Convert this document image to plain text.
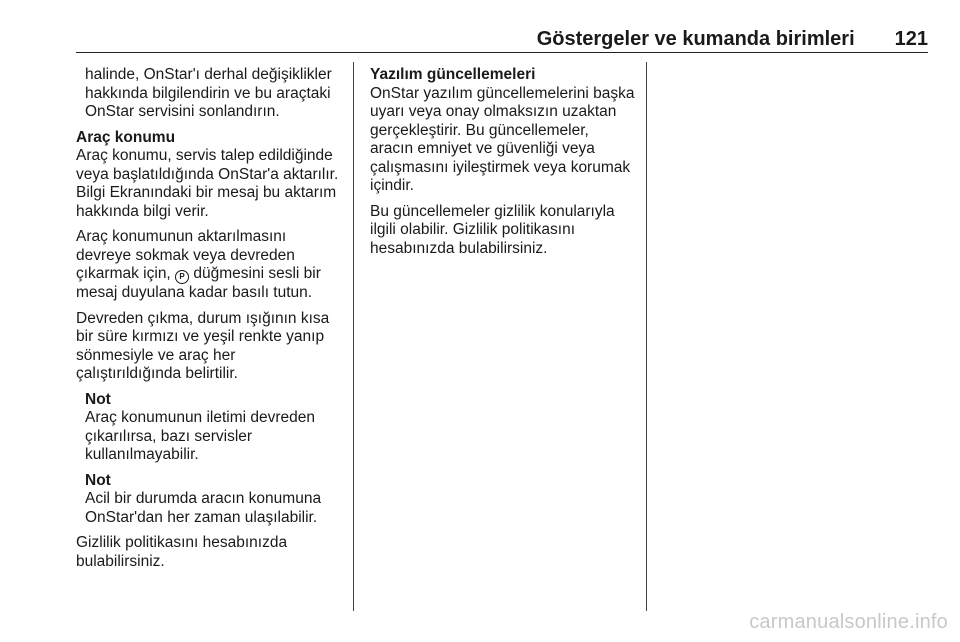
Göstergeler ve kumanda birimleri 121

halinde, OnStar'ı derhal değişiklikler hakkında bilgilendirin ve bu araçtaki OnStar servisini sonlandırın.

Araç konumu

Araç konumu, servis talep edildiğinde veya başlatıldığında OnStar'a aktarılır. Bilgi Ekranındaki bir mesaj bu aktarım hakkında bilgi verir.

Araç konumunun aktarılmasını devreye sokmak veya devreden çıkarmak için, P düğmesini sesli bir mesaj duyulana kadar basılı tutun.

Devreden çıkma, durum ışığının kısa bir süre kırmızı ve yeşil renkte yanıp sönmesiyle ve araç her çalıştırıldığında belirtilir.

Not
Araç konumunun iletimi devreden çıkarılırsa, bazı servisler kullanılmayabilir.
Not
Acil bir durumda aracın konumuna OnStar'dan her zaman ulaşılabilir.

Gizlilik politikasını hesabınızda bulabilirsiniz.

Yazılım güncellemeleri

OnStar yazılım güncellemelerini başka uyarı veya onay olmaksızın uzaktan gerçekleştirir. Bu güncellemeler, aracın emniyet ve güvenliği veya çalışmasını iyileştirmek veya korumak içindir.

Bu güncellemeler gizlilik konularıyla ilgili olabilir. Gizlilik politikasını hesabınızda bulabilirsiniz.

carmanualsonline.info
